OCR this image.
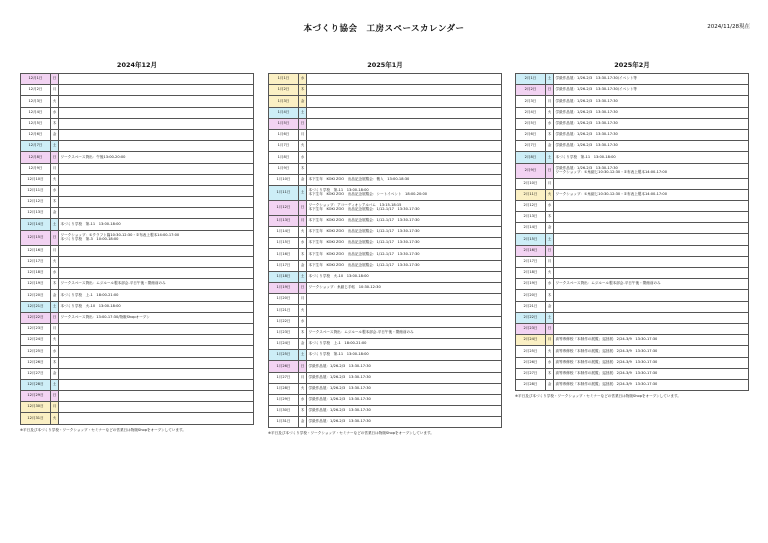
本づくり協会　工房スペースカレンダー	2024/11/28現在
2024年12月	2025年1月	2025年2月
12月1日	日	
12月2日	月	
12月3日	火	
12月4日	水	
12月5日	木	
12月6日	金	
12月7日	土	
12月8日	日	ワークスペース貸出：午後13:00-20:00

12月9日	月	
12月10日	火	
12月11日	水	
12月12日	木	
12月13日	金	
12月14日	土	本づくり学校　第-11　13:00-18:00

12月15日	日	ワークショップ：①クラフト篇10:30-12:30・②布表上製本14:00-17:00
本づくり学校　第-3　10:00-18:00

12月16日	月	
12月17日	火	
12月18日	水	
12月19日	木	ワークスペース貸出：ムジルール製本部会-平日午後・閉館前のみ

12月20日	金	本づくり学校　上-1　18:00-21:00

12月21日	土	本づくり学校　火-10　13:00-18:00

12月22日	日	ワークスペース貸出：13:00-17:30/物販Shopオープン

12月23日	月	
12月24日	火	
12月25日	水	
12月26日	木	
12月27日	金	
12月28日	土	
12月29日	日	
12月30日	月	
12月31日	火	
1月1日	水	
1月2日	木	
1月3日	金	
1月4日	土	
1月5日	日	
1月6日	月	
1月7日	火	
1月8日	水	
1月9日	木	
1月10日	金	本下生年　KOKI ZOO　出品記念展覧会：搬入　13:00-18:30

1月11日	土	本づくり学校　第-11　13:00-18:00
本下生年　KOKI ZOO　出品記念展覧会：シートイベント　18:00-20:00

1月12日	日	ワークショップ：アコーディオンアルバム　13:15-18:15
本下生年　KOKI ZOO　出品記念展覧会：1/12-1/17　13:30-17:30

1月13日	月	本下生年　KOKI ZOO　出品記念展覧会：1/12-1/17　13:30-17:30

1月14日	火	本下生年　KOKI ZOO　出品記念展覧会：1/12-1/17　13:30-17:30

1月15日	水	本下生年　KOKI ZOO　出品記念展覧会：1/12-1/17　13:30-17:30

1月16日	木	本下生年　KOKI ZOO　出品記念展覧会：1/12-1/17　13:30-17:30

1月17日	金	本下生年　KOKI ZOO　出品記念展覧会：1/12-1/17　13:30-17:30

1月18日	土	本づくり学校　火-10　13:00-18:00

1月19日	日	ワークショップ：糸綴じ手帖　10:30-12:30

1月20日	月	
1月21日	火	
1月22日	水	
1月23日	木	ワークスペース貸出：ムジルール製本部会-平日午後・閉館前のみ

1月24日	金	本づくり学校　上-1　18:00-21:00

1月25日	土	本づくり学校　第-11　13:00-18:00

1月26日	日	学級作品展：1/26-2/3　13:30-17:30

1月27日	月	学級作品展：1/26-2/3　13:30-17:30

1月28日	火	学級作品展：1/26-2/3　13:30-17:30

1月29日	水	学級作品展：1/26-2/3　13:30-17:30

1月30日	木	学級作品展：1/26-2/3　13:30-17:30

1月31日	金	学級作品展：1/26-2/3　13:30-17:30
2月1日	土	学級作品展：1/26-2/3　13:30-17:30/イベント等

2月2日	日	学級作品展：1/26-2/3　13:30-17:30/イベント等

2月3日	月	学級作品展：1/26-2/3　13:30-17:30

2月4日	火	学級作品展：1/26-2/3　13:30-17:30

2月5日	水	学級作品展：1/26-2/3　13:30-17:30

2月6日	木	学級作品展：1/26-2/3　13:30-17:30

2月7日	金	学級作品展：1/26-2/3　13:30-17:30

2月8日	土	本づくり学校　第-11　13:00-18:00

2月9日	日	学級作品展：1/26-2/3　13:30-17:30
ワークショップ：①糸綴じ10:30-12:30・②布表上製本14:00-17:00

2月10日	月	
2月11日	火	ワークショップ：①糸綴じ10:30-12:30・②布表上製本14:00-17:00

2月12日	水	
2月13日	木	
2月14日	金	
2月15日	土	
2月16日	日	
2月17日	月	
2月18日	火	
2月19日	水	ワークスペース貸出：ムジルール製本部会-平日午後・閉館前のみ

2月20日	木	
2月21日	金	
2月22日	土	
2月23日	日	
2月24日	月	高等専修校「本制作の展覧」巡回展：2/24-3/9　13:30-17:30

2月25日	火	高等専修校「本制作の展覧」巡回展：2/24-3/9　13:30-17:30

2月26日	水	高等専修校「本制作の展覧」巡回展：2/24-3/9　13:30-17:30

2月27日	木	高等専修校「本制作の展覧」巡回展：2/24-3/9　13:30-17:30

2月28日	金	高等専修校「本制作の展覧」巡回展：2/24-3/9　13:30-17:30
※平日及び本づくり学校・ワークショップ・セミナーなどの営業日は物販Shopをオープンしています。
※平日及び本づくり学校・ワークショップ・セミナーなどの営業日は物販Shopをオープンしています。
※平日及び本づくり学校・ワークショップ・セミナーなどの営業日は物販Shopをオープンしています。
